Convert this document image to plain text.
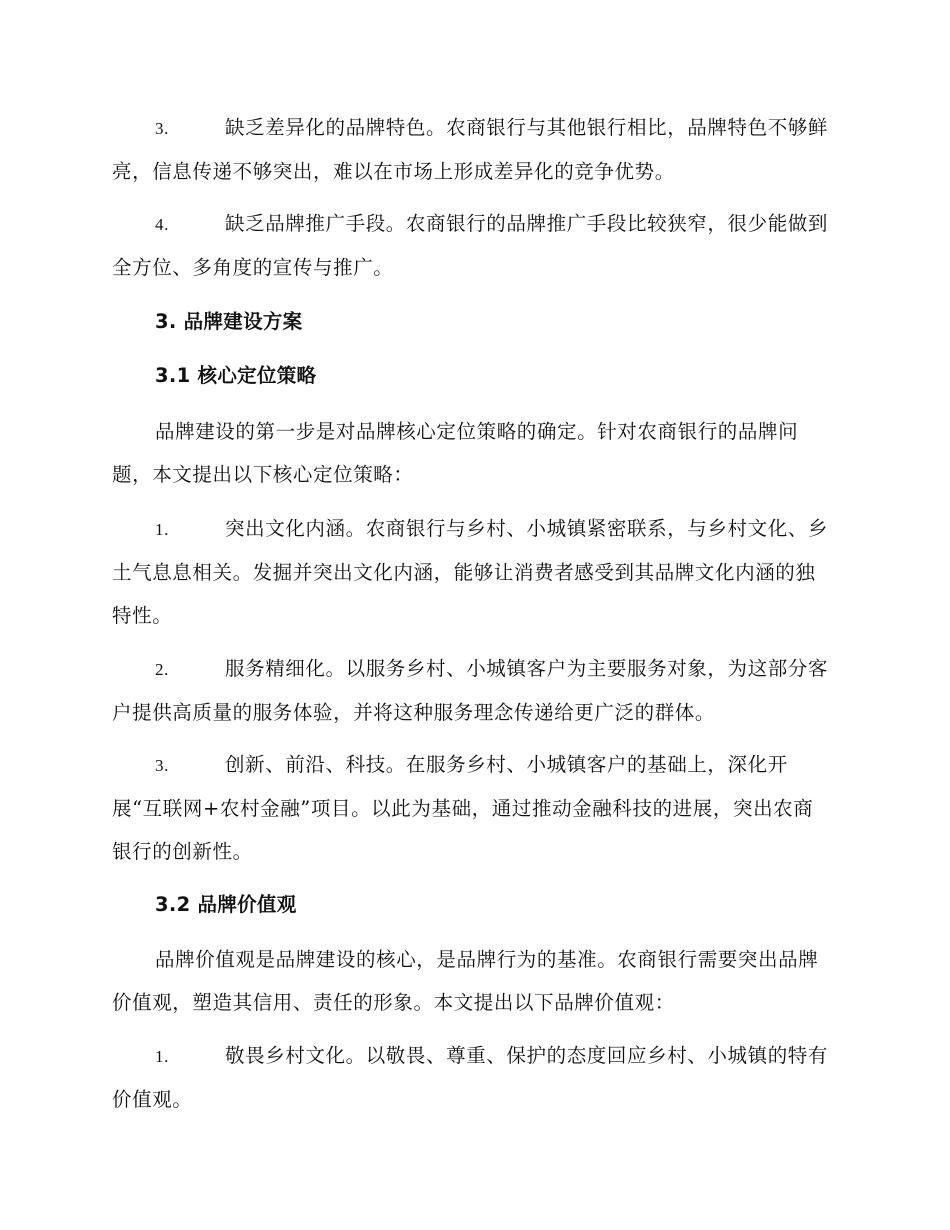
3.	缺乏差异化的品牌特色。农商银行与其他银行相比，品牌特色不够鲜亮，信息传递不够突出，难以在市场上形成差异化的竞争优势。
4.	缺乏品牌推广手段。农商银行的品牌推广手段比较狭窄，很少能做到全方位、多角度的宣传与推广。
3. 品牌建设方案
3.1 核心定位策略
品牌建设的第一步是对品牌核心定位策略的确定。针对农商银行的品牌问题，本文提出以下核心定位策略：
1.	突出文化内涵。农商银行与乡村、小城镇紧密联系，与乡村文化、乡土气息息相关。发掘并突出文化内涵，能够让消费者感受到其品牌文化内涵的独特性。
2.	服务精细化。以服务乡村、小城镇客户为主要服务对象，为这部分客户提供高质量的服务体验，并将这种服务理念传递给更广泛的群体。
3.	创新、前沿、科技。在服务乡村、小城镇客户的基础上，深化开展“互联网+农村金融”项目。以此为基础，通过推动金融科技的进展，突出农商银行的创新性。
3.2 品牌价值观
品牌价值观是品牌建设的核心，是品牌行为的基准。农商银行需要突出品牌价值观，塑造其信用、责任的形象。本文提出以下品牌价值观：
1.	敬畏乡村文化。以敬畏、尊重、保护的态度回应乡村、小城镇的特有价值观。
